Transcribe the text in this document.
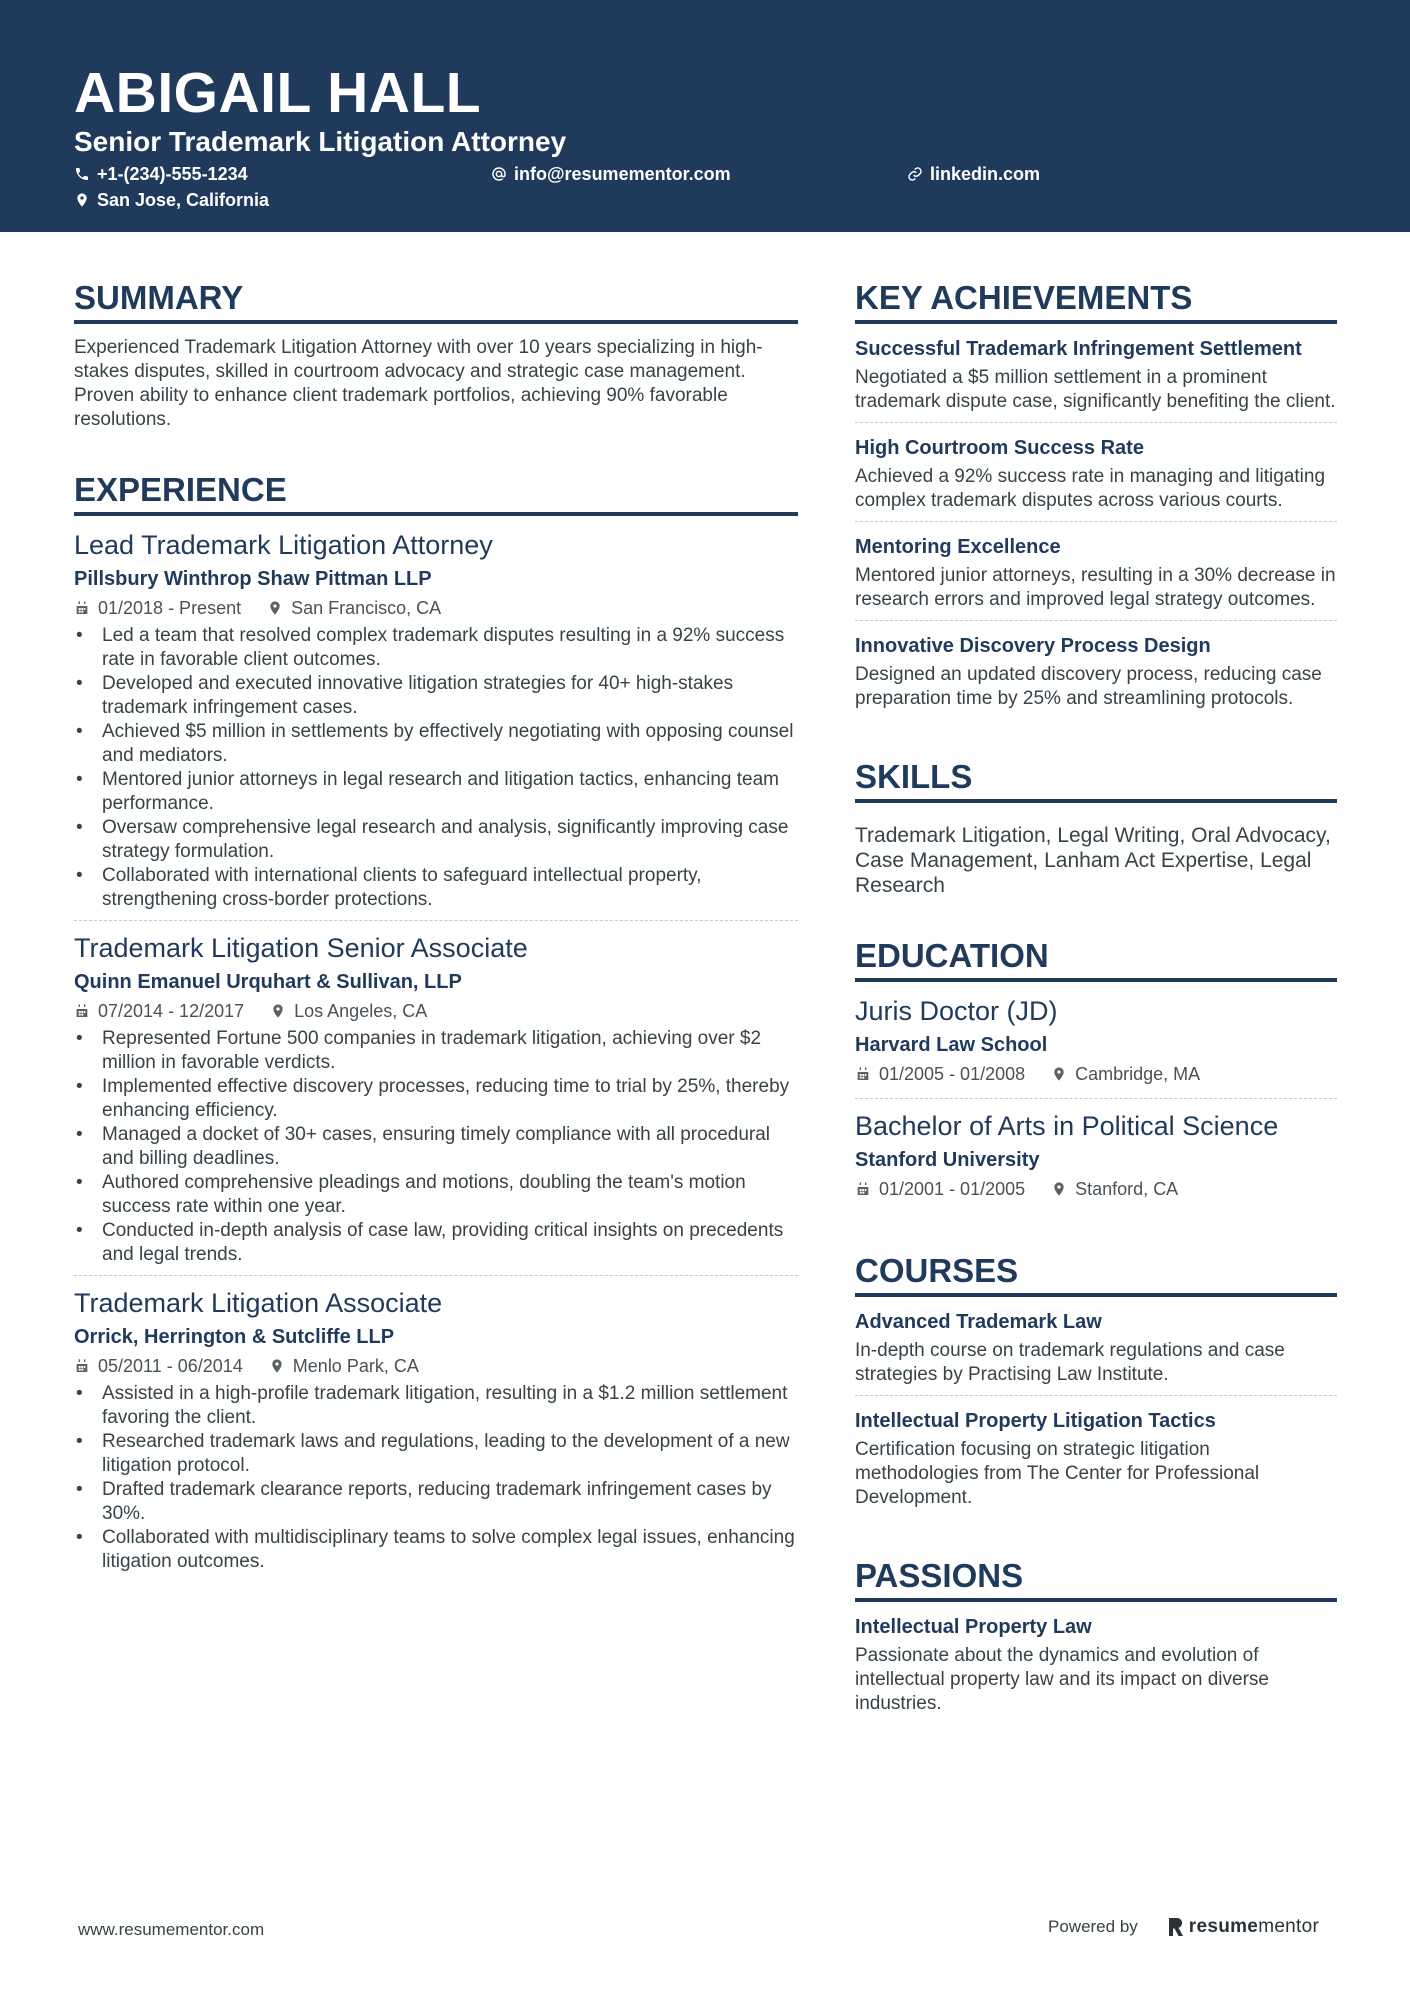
ABIGAIL HALL
Senior Trademark Litigation Attorney
+1-(234)-555-1234	info@resumementor.com	linkedin.com
San Jose, California
SUMMARY
Experienced Trademark Litigation Attorney with over 10 years specializing in high-stakes disputes, skilled in courtroom advocacy and strategic case management. Proven ability to enhance client trademark portfolios, achieving 90% favorable resolutions.
EXPERIENCE
Lead Trademark Litigation Attorney
Pillsbury Winthrop Shaw Pittman LLP
01/2018 - Present	San Francisco, CA
• Led a team that resolved complex trademark disputes resulting in a 92% success rate in favorable client outcomes.
• Developed and executed innovative litigation strategies for 40+ high-stakes trademark infringement cases.
• Achieved $5 million in settlements by effectively negotiating with opposing counsel and mediators.
• Mentored junior attorneys in legal research and litigation tactics, enhancing team performance.
• Oversaw comprehensive legal research and analysis, significantly improving case strategy formulation.
• Collaborated with international clients to safeguard intellectual property, strengthening cross-border protections.
Trademark Litigation Senior Associate
Quinn Emanuel Urquhart & Sullivan, LLP
07/2014 - 12/2017	Los Angeles, CA
• Represented Fortune 500 companies in trademark litigation, achieving over $2 million in favorable verdicts.
• Implemented effective discovery processes, reducing time to trial by 25%, thereby enhancing efficiency.
• Managed a docket of 30+ cases, ensuring timely compliance with all procedural and billing deadlines.
• Authored comprehensive pleadings and motions, doubling the team's motion success rate within one year.
• Conducted in-depth analysis of case law, providing critical insights on precedents and legal trends.
Trademark Litigation Associate
Orrick, Herrington & Sutcliffe LLP
05/2011 - 06/2014	Menlo Park, CA
• Assisted in a high-profile trademark litigation, resulting in a $1.2 million settlement favoring the client.
• Researched trademark laws and regulations, leading to the development of a new litigation protocol.
• Drafted trademark clearance reports, reducing trademark infringement cases by 30%.
• Collaborated with multidisciplinary teams to solve complex legal issues, enhancing litigation outcomes.
KEY ACHIEVEMENTS
Successful Trademark Infringement Settlement
Negotiated a $5 million settlement in a prominent trademark dispute case, significantly benefiting the client.
High Courtroom Success Rate
Achieved a 92% success rate in managing and litigating complex trademark disputes across various courts.
Mentoring Excellence
Mentored junior attorneys, resulting in a 30% decrease in research errors and improved legal strategy outcomes.
Innovative Discovery Process Design
Designed an updated discovery process, reducing case preparation time by 25% and streamlining protocols.
SKILLS
Trademark Litigation, Legal Writing, Oral Advocacy, Case Management, Lanham Act Expertise, Legal Research
EDUCATION
Juris Doctor (JD)
Harvard Law School
01/2005 - 01/2008	Cambridge, MA
Bachelor of Arts in Political Science
Stanford University
01/2001 - 01/2005	Stanford, CA
COURSES
Advanced Trademark Law
In-depth course on trademark regulations and case strategies by Practising Law Institute.
Intellectual Property Litigation Tactics
Certification focusing on strategic litigation methodologies from The Center for Professional Development.
PASSIONS
Intellectual Property Law
Passionate about the dynamics and evolution of intellectual property law and its impact on diverse industries.
www.resumementor.com	Powered by	resumementor
